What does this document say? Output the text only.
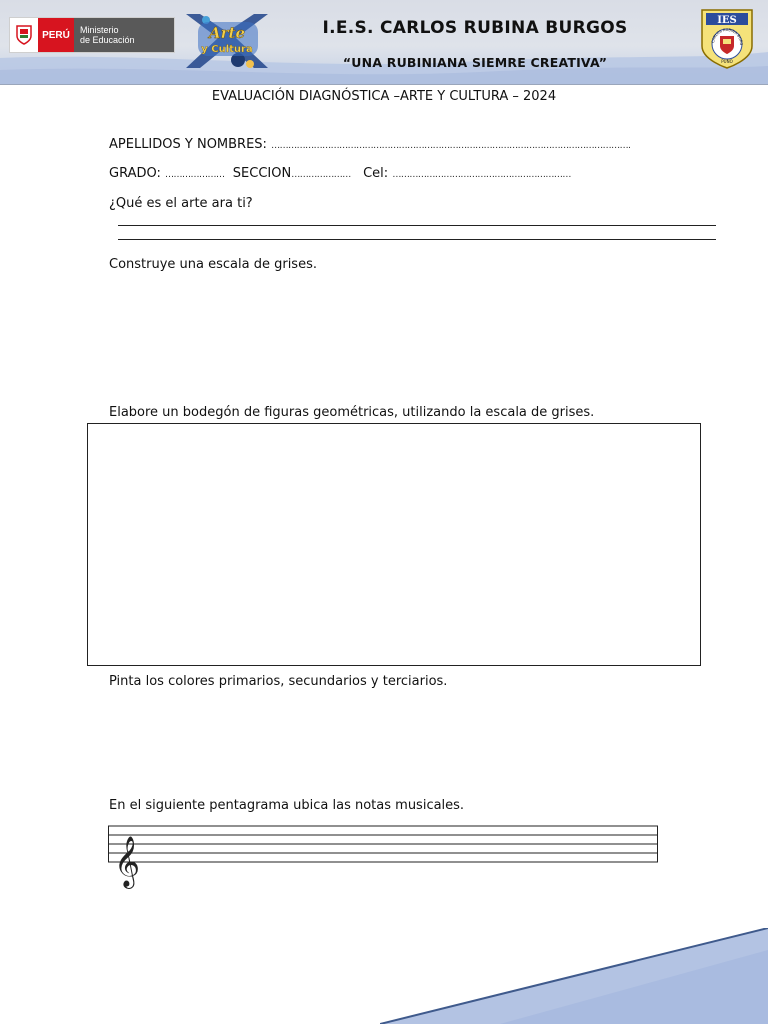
PERÚ	Ministerio
de Educación	Arte
y Cultura
I.E.S. CARLOS RUBINA BURGOS
“UNA RUBINIANA SIEMRE CREATIVA”
IES
CARLOS RUBINA BURG
PUNO
EVALUACIÓN DIAGNÓSTICA –ARTE Y CULTURA – 2024
APELLIDOS Y NOMBRES: ……………………………………………………………………………………………………………….
GRADO: ………………… SECCION………………… Cel: ………………………………………………………
¿Qué es el arte ara ti?
Construye una escala de grises.
Elabore un bodegón de figuras geométricas, utilizando la escala de grises.
Pinta los colores primarios, secundarios y terciarios.
En el siguiente pentagrama ubica las notas musicales.
𝄞
